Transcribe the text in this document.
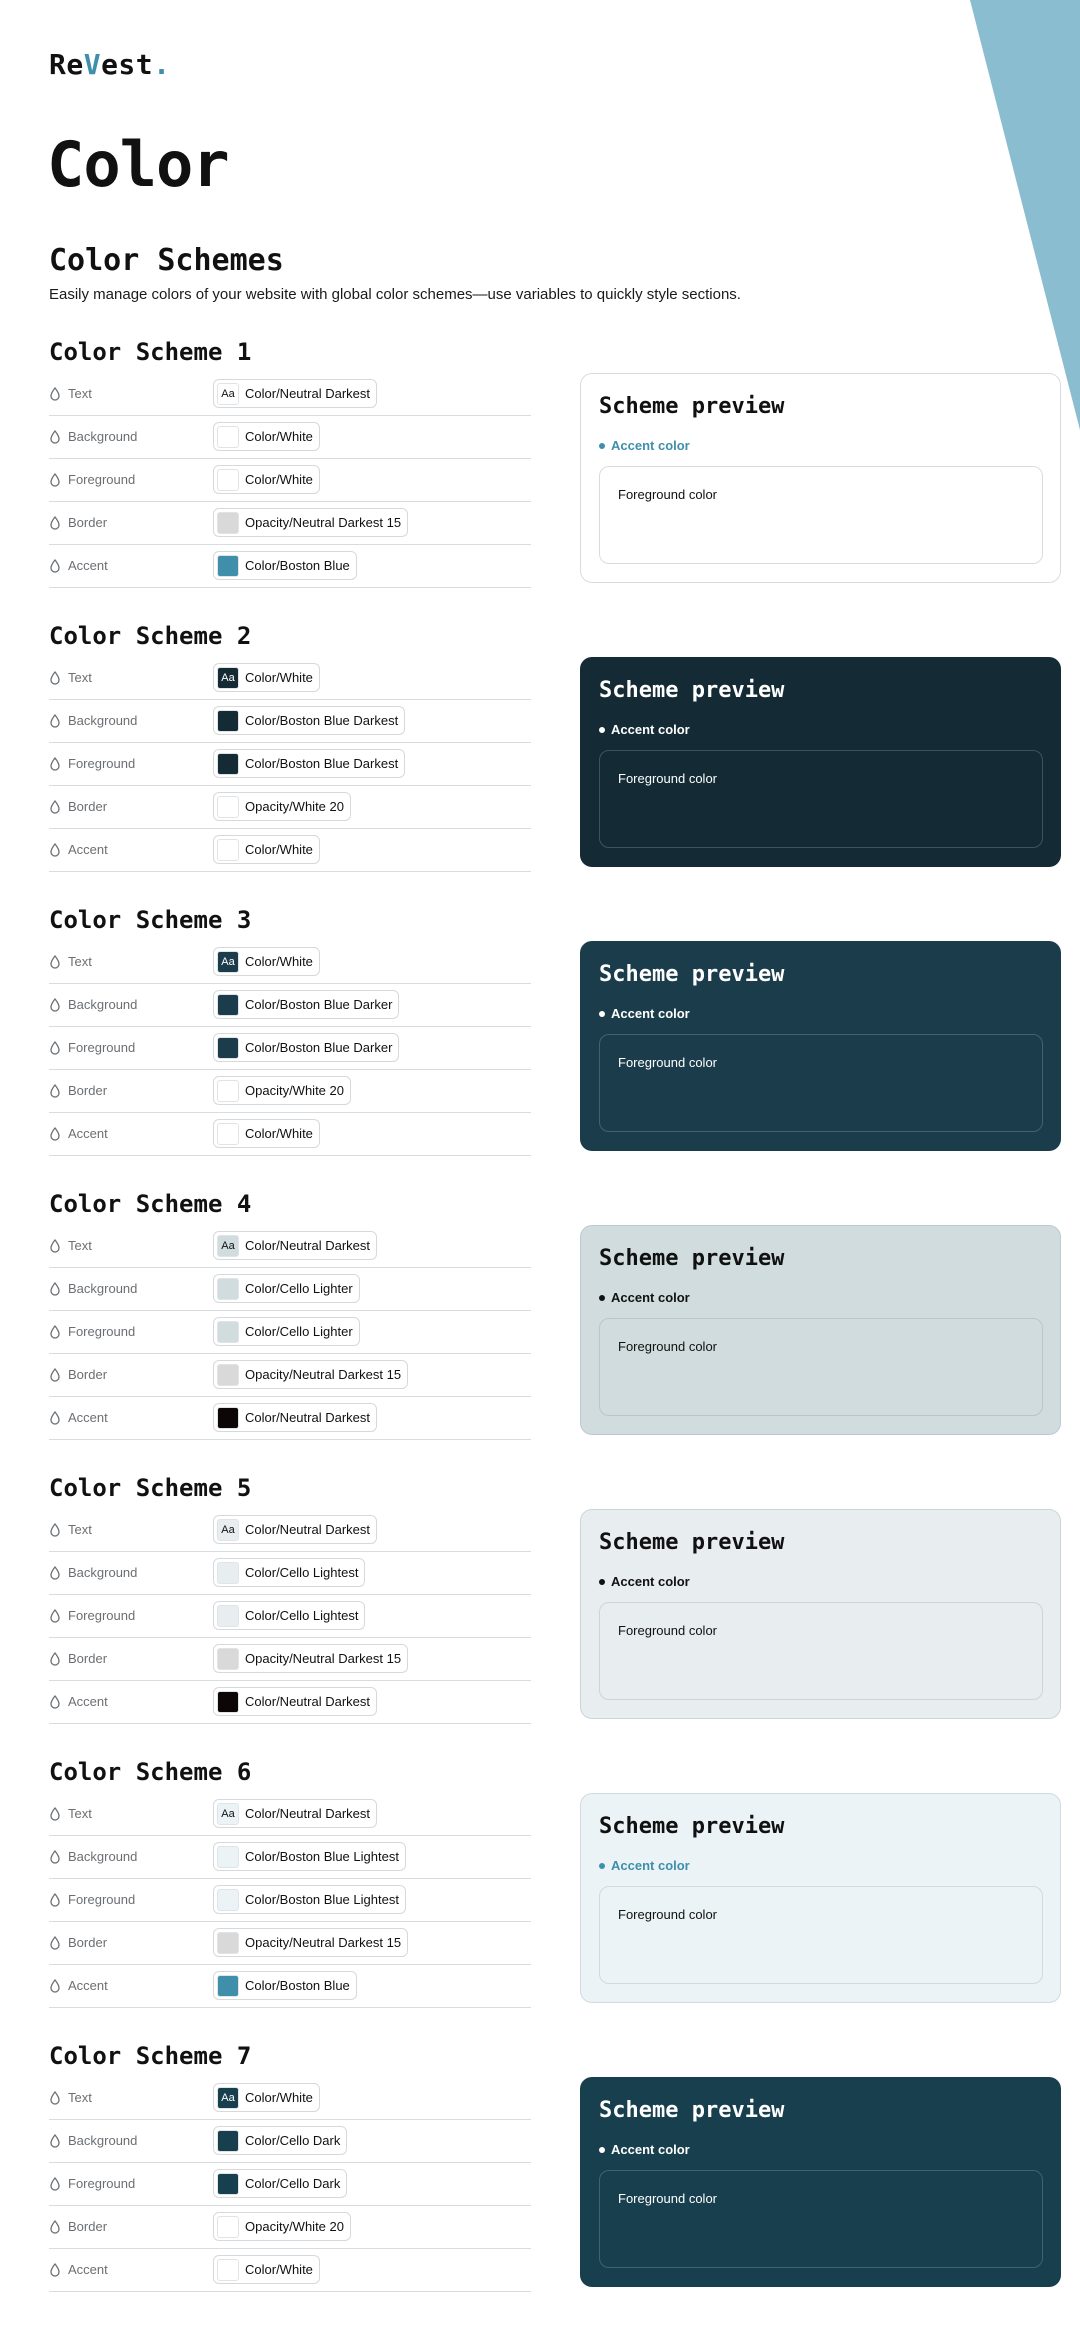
ReVest.
Color
Color Schemes

Easily manage colors of your website with global color schemes—use variables to quickly style sections.

Color Scheme 1
Text	Aa Color/Neutral Darkest
Background	Color/White
Foreground	Color/White
Border	Opacity/Neutral Darkest 15
Accent	Color/Boston Blue
Scheme preview
Accent color
Foreground color
Color Scheme 2
Text	Aa Color/White
Background	Color/Boston Blue Darkest
Foreground	Color/Boston Blue Darkest
Border	Opacity/White 20
Accent	Color/White
Scheme preview
Accent color
Foreground color
Color Scheme 3
Text	Aa Color/White
Background	Color/Boston Blue Darker
Foreground	Color/Boston Blue Darker
Border	Opacity/White 20
Accent	Color/White
Scheme preview
Accent color
Foreground color
Color Scheme 4
Text	Aa Color/Neutral Darkest
Background	Color/Cello Lighter
Foreground	Color/Cello Lighter
Border	Opacity/Neutral Darkest 15
Accent	Color/Neutral Darkest
Scheme preview
Accent color
Foreground color
Color Scheme 5
Text	Aa Color/Neutral Darkest
Background	Color/Cello Lightest
Foreground	Color/Cello Lightest
Border	Opacity/Neutral Darkest 15
Accent	Color/Neutral Darkest
Scheme preview
Accent color
Foreground color
Color Scheme 6
Text	Aa Color/Neutral Darkest
Background	Color/Boston Blue Lightest
Foreground	Color/Boston Blue Lightest
Border	Opacity/Neutral Darkest 15
Accent	Color/Boston Blue
Scheme preview
Accent color
Foreground color
Color Scheme 7
Text	Aa Color/White
Background	Color/Cello Dark
Foreground	Color/Cello Dark
Border	Opacity/White 20
Accent	Color/White
Scheme preview
Accent color
Foreground color
